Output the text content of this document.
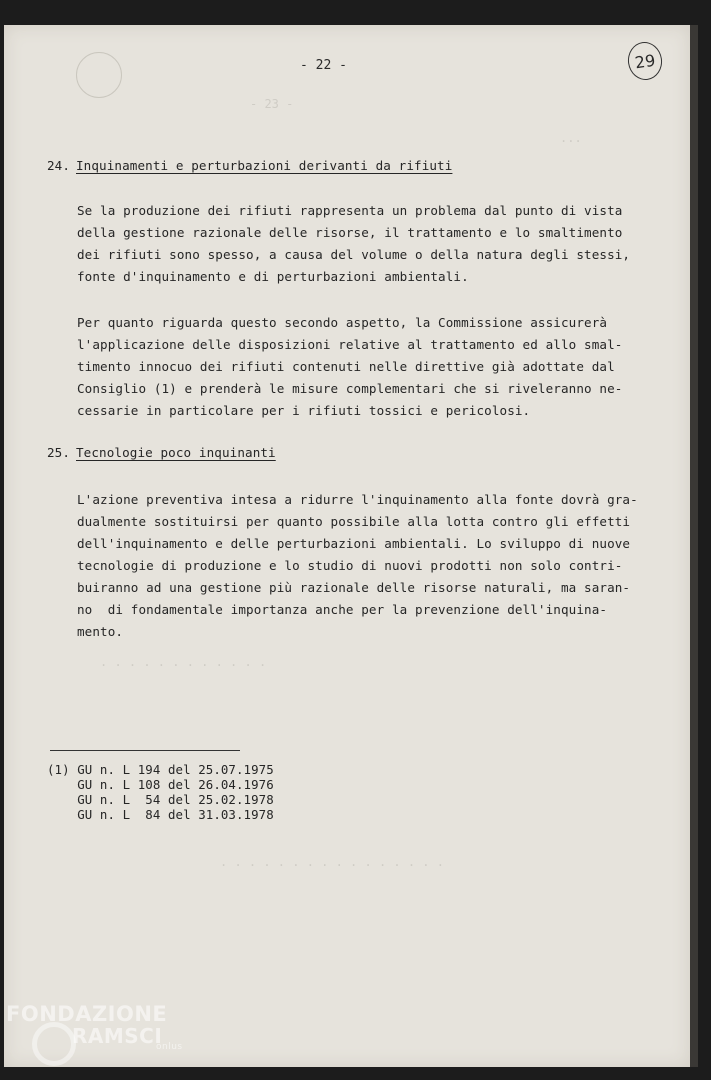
- 23 -
...
- 22 -	29
24. Inquinamenti e perturbazioni derivanti da rifiuti
Se la produzione dei rifiuti rappresenta un problema dal punto di vista
della gestione razionale delle risorse, il trattamento e lo smaltimento
dei rifiuti sono spesso, a causa del volume o della natura degli stessi,
fonte d'inquinamento e di perturbazioni ambientali.
Per quanto riguarda questo secondo aspetto, la Commissione assicurerà
l'applicazione delle disposizioni relative al trattamento ed allo smal-
timento innocuo dei rifiuti contenuti nelle direttive già adottate dal
Consiglio (1) e prenderà le misure complementari che si riveleranno ne-
cessarie in particolare per i rifiuti tossici e pericolosi.
25. Tecnologie poco inquinanti
L'azione preventiva intesa a ridurre l'inquinamento alla fonte dovrà gra-
dualmente sostituirsi per quanto possibile alla lotta contro gli effetti
dell'inquinamento e delle perturbazioni ambientali. Lo sviluppo di nuove
tecnologie di produzione e lo studio di nuovi prodotti non solo contri-
buiranno ad una gestione più razionale delle risorse naturali, ma saran-
no  di fondamentale importanza anche per la prevenzione dell'inquina-
mento.
. . . . . . . . . . . .
. . . . . . . . . . . . . . . .
(1) GU n. L 194 del 25.07.1975
GU n. L 108 del 26.04.1976
GU n. L  54 del 25.02.1978
GU n. L  84 del 31.03.1978
FONDAZIONE
RAMSCI
onlus
